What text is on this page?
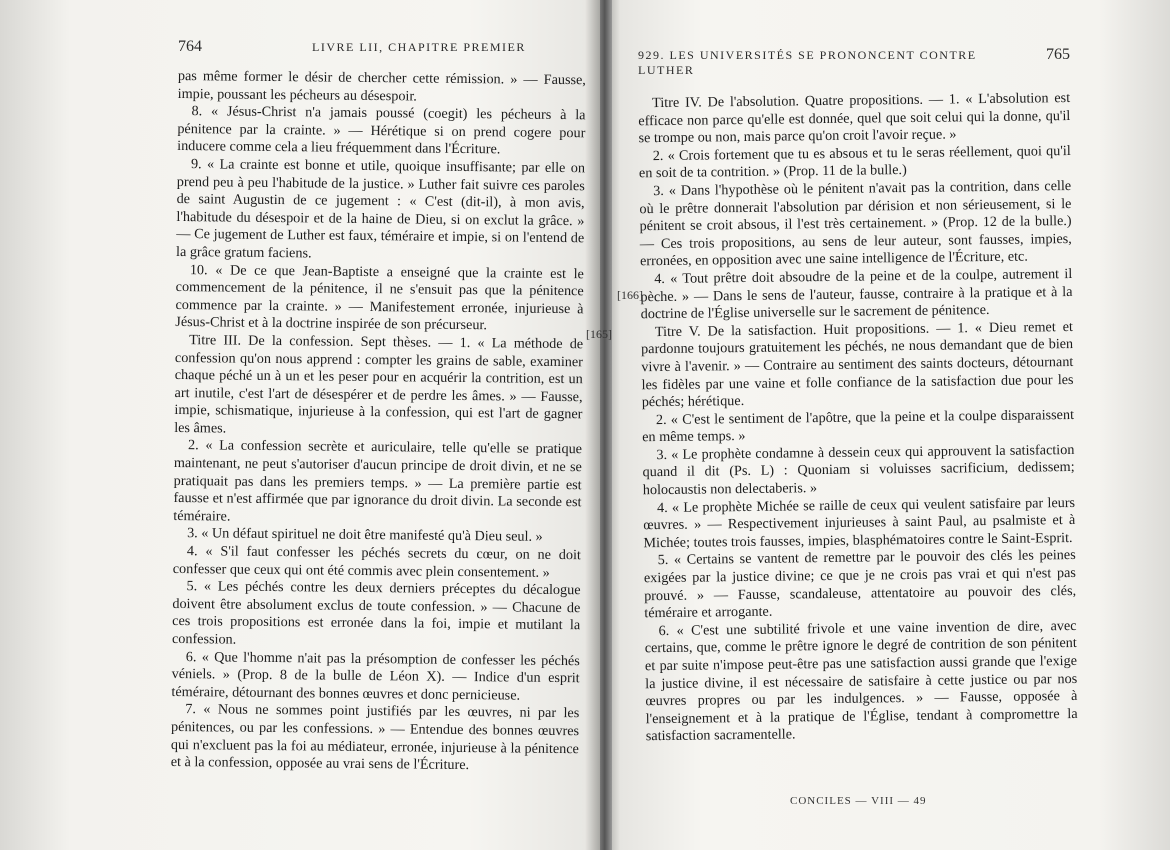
764	LIVRE LII, CHAPITRE PREMIER

pas même former le désir de chercher cette rémission. » — Fausse, impie, poussant les pécheurs au désespoir.

8. « Jésus-Christ n'a jamais poussé (coegit) les pécheurs à la pénitence par la crainte. » — Hérétique si on prend cogere pour inducere comme cela a lieu fréquemment dans l'Écriture.

9. « La crainte est bonne et utile, quoique insuffisante; par elle on prend peu à peu l'habitude de la justice. » Luther fait suivre ces paroles de saint Augustin de ce jugement : « C'est (dit-il), à mon avis, l'habitude du désespoir et de la haine de Dieu, si on exclut la grâce. » — Ce jugement de Luther est faux, téméraire et impie, si on l'entend de la grâce gratum faciens.

10. « De ce que Jean-Baptiste a enseigné que la crainte est le commencement de la pénitence, il ne s'ensuit pas que la pénitence commence par la crainte. » — Manifestement erronée, injurieuse à Jésus-Christ et à la doctrine inspirée de son précurseur.

Titre III. De la confession. Sept thèses. — 1. « La méthode de confession qu'on nous apprend : compter les grains de sable, examiner chaque péché un à un et les peser pour en acquérir la contrition, est un art inutile, c'est l'art de désespérer et de perdre les âmes. » — Fausse, impie, schismatique, injurieuse à la confession, qui est l'art de gagner les âmes.

2. « La confession secrète et auriculaire, telle qu'elle se pratique maintenant, ne peut s'autoriser d'aucun principe de droit divin, et ne se pratiquait pas dans les premiers temps. » — La première partie est fausse et n'est affirmée que par ignorance du droit divin. La seconde est téméraire.

3. « Un défaut spirituel ne doit être manifesté qu'à Dieu seul. »

4. « S'il faut confesser les péchés secrets du cœur, on ne doit confesser que ceux qui ont été commis avec plein consentement. »

5. « Les péchés contre les deux derniers préceptes du décalogue doivent être absolument exclus de toute confession. » — Chacune de ces trois propositions est erronée dans la foi, impie et mutilant la confession.

6. « Que l'homme n'ait pas la présomption de confesser les péchés véniels. » (Prop. 8 de la bulle de Léon X). — Indice d'un esprit téméraire, détournant des bonnes œuvres et donc pernicieuse.

7. « Nous ne sommes point justifiés par les œuvres, ni par les pénitences, ou par les confessions. » — Entendue des bonnes œuvres qui n'excluent pas la foi au médiateur, erronée, injurieuse à la pénitence et à la confession, opposée au vrai sens de l'Écriture.

[165]
[166]
929. LES UNIVERSITÉS SE PRONONCENT CONTRE LUTHER
765

Titre IV. De l'absolution. Quatre propositions. — 1. « L'absolution est efficace non parce qu'elle est donnée, quel que soit celui qui la donne, qu'il se trompe ou non, mais parce qu'on croit l'avoir reçue. »

2. « Crois fortement que tu es absous et tu le seras réellement, quoi qu'il en soit de ta contrition. » (Prop. 11 de la bulle.)

3. « Dans l'hypothèse où le pénitent n'avait pas la contrition, dans celle où le prêtre donnerait l'absolution par dérision et non sérieusement, si le pénitent se croit absous, il l'est très certainement. » (Prop. 12 de la bulle.) — Ces trois propositions, au sens de leur auteur, sont fausses, impies, erronées, en opposition avec une saine intelligence de l'Écriture, etc.

4. « Tout prêtre doit absoudre de la peine et de la coulpe, autrement il pèche. » — Dans le sens de l'auteur, fausse, contraire à la pratique et à la doctrine de l'Église universelle sur le sacrement de pénitence.

Titre V. De la satisfaction. Huit propositions. — 1. « Dieu remet et pardonne toujours gratuitement les péchés, ne nous demandant que de bien vivre à l'avenir. » — Contraire au sentiment des saints docteurs, détournant les fidèles par une vaine et folle confiance de la satisfaction due pour les péchés; hérétique.

2. « C'est le sentiment de l'apôtre, que la peine et la coulpe disparaissent en même temps. »

3. « Le prophète condamne à dessein ceux qui approuvent la satisfaction quand il dit (Ps. L) : Quoniam si voluisses sacrificium, dedissem; holocaustis non delectaberis. »

4. « Le prophète Michée se raille de ceux qui veulent satisfaire par leurs œuvres. » — Respectivement injurieuses à saint Paul, au psalmiste et à Michée; toutes trois fausses, impies, blasphématoires contre le Saint-Esprit.

5. « Certains se vantent de remettre par le pouvoir des clés les peines exigées par la justice divine; ce que je ne crois pas vrai et qui n'est pas prouvé. » — Fausse, scandaleuse, attentatoire au pouvoir des clés, téméraire et arrogante.

6. « C'est une subtilité frivole et une vaine invention de dire, avec certains, que, comme le prêtre ignore le degré de contrition de son pénitent et par suite n'impose peut-être pas une satisfaction aussi grande que l'exige la justice divine, il est nécessaire de satisfaire à cette justice ou par nos œuvres propres ou par les indulgences. » — Fausse, opposée à l'enseignement et à la pratique de l'Église, tendant à compromettre la satisfaction sacramentelle.

CONCILES — VIII — 49
